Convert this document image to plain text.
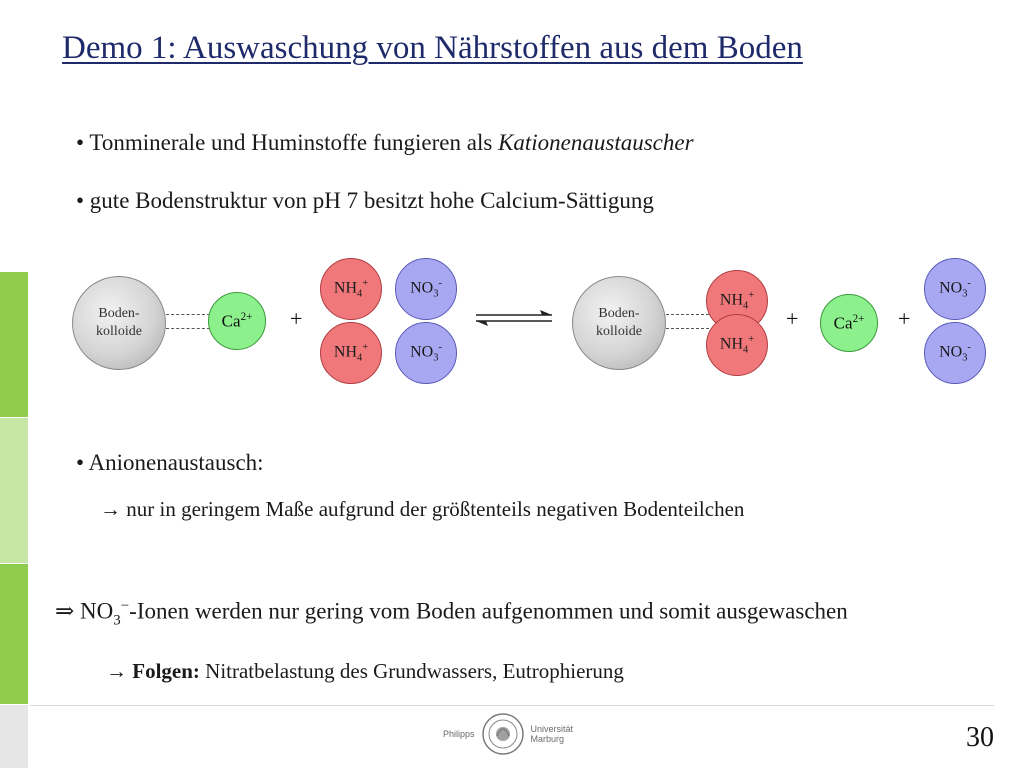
Demo 1: Auswaschung von Nährstoffen aus dem Boden
• Tonminerale und Huminstoffe fungieren als Kationenaustauscher
• gute Bodenstruktur von pH 7 besitzt hohe Calcium-Sättigung
Boden-
kolloide
$Ca^{2+}$ +
$NH_4^+$
$NH_4^+$
$NO_3^-$
$NO_3^-$
Boden-
kolloide
$NH_4^+$
$NH_4^+$
+ $Ca^{2+}$ +
$NO_3^-$
$NO_3^-$
• Anionenaustausch:
→ nur in geringem Maße aufgrund der größtenteils negativen Bodenteilchen
⇒ $NO_3^-$-Ionen werden nur gering vom Boden aufgenommen und somit ausgewaschen
→ Folgen: Nitratbelastung des Grundwassers, Eutrophierung
Philipps	Universität
Marburg	30
